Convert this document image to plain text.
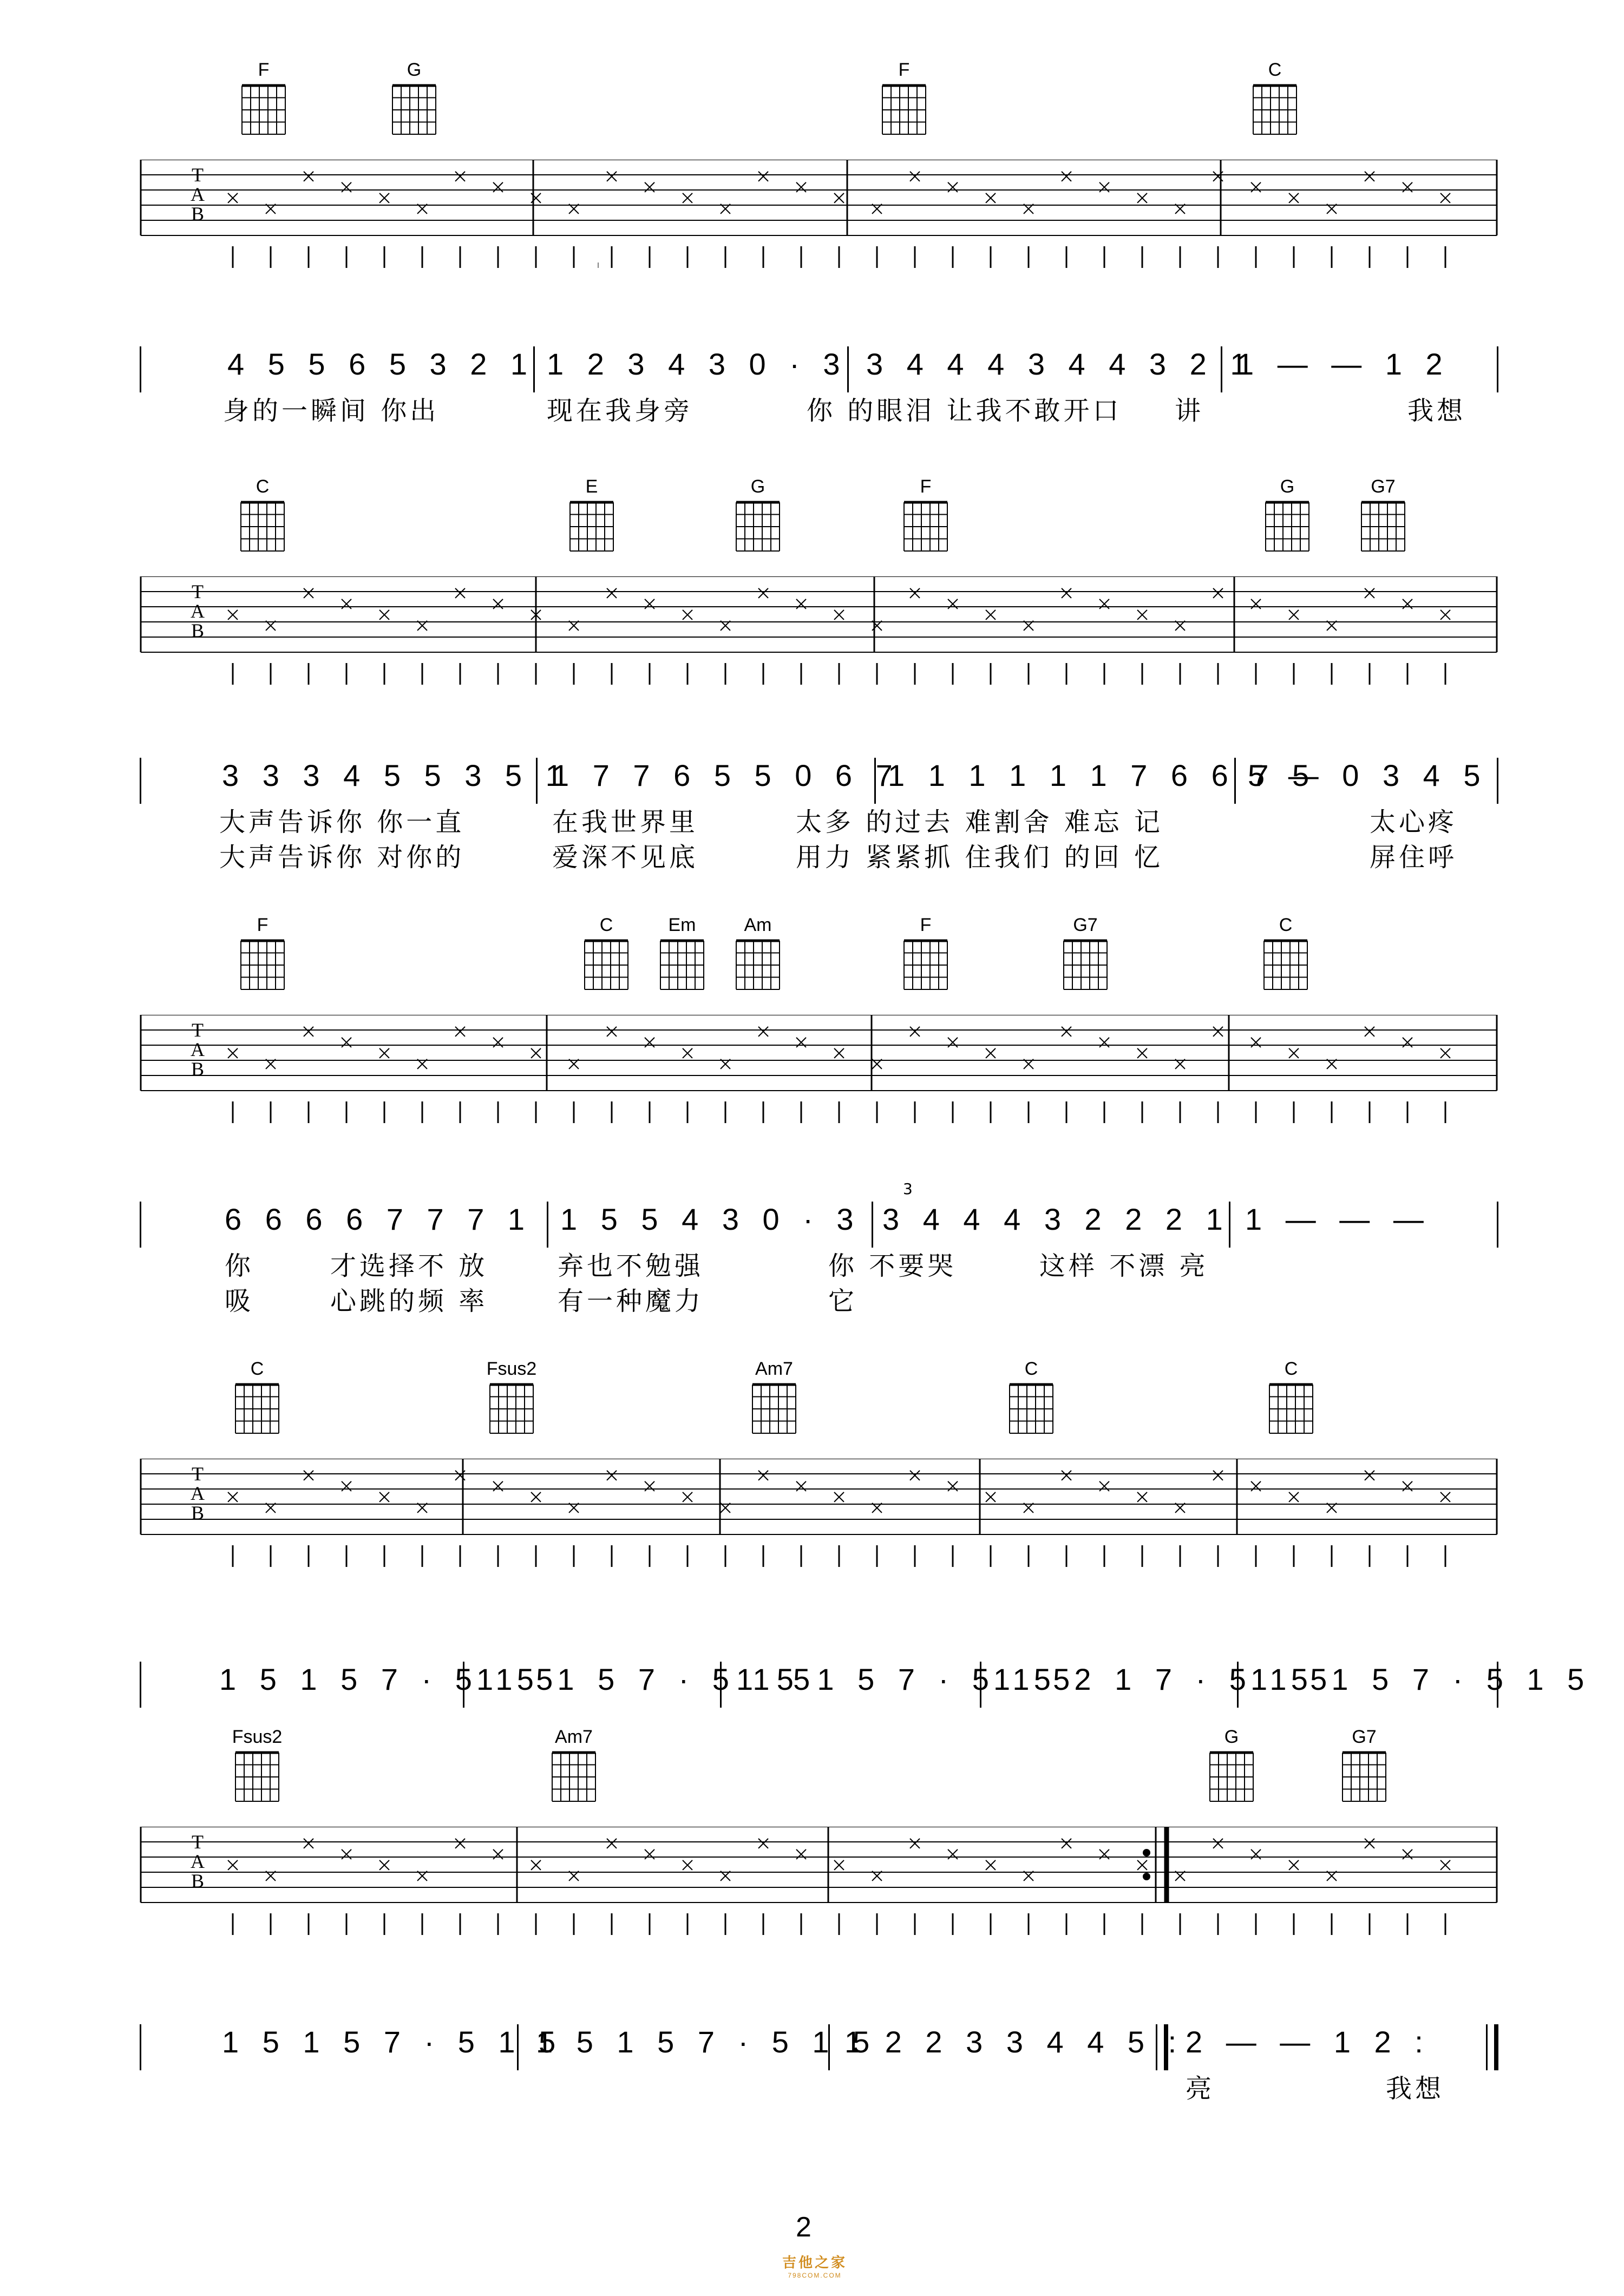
F	G	F	C
T
A
B
4 5 5 6 5 3 2 1 1 2 3 4 3 0 · 3 3 4 4 4 3 4 4 3 2 1
1 — — 1 2
身的一瞬间 你出	现在我身旁	你 的眼泪 让我不敢开口 讲	我想
C	E	G	F	G	G7
T
A
B
3 3 3 4 5 5 3 5 1
1 7 7 6 5 5 0 6 7
1 1 1 1 1 1 7 6 6 7 5
5 — 0 3 4 5
大声告诉你 你一直	在我世界里	太多 的过去 难割舍 难忘 记	太心疼
大声告诉你 对你的	爱深不见底	用力 紧紧抓 住我们 的回 忆	屏住呼
F	C	Em	Am	F	G7	C
T
A
B
6 6 6 6 7 7 7 1 1 5 5 4 3 0 · 3 3 4 4 4 3 2 2 2 1 1 — — —
3
你	才选择不 放	弃也不勉强	你 不要哭	这样 不漂 亮
吸	心跳的频 率	有一种魔力	它
C	Fsus2	Am7	C	C
T
A
B
1 5 1 5 7 · 5 1 5
1 5 1 5 7 · 5 1 5
1 5 1 5 7 · 5 1 5
1 5 2 1 7 · 5 1 5
1 5 1 5 7 · 5 1 5
Fsus2	Am7	G	G7
T
A
B
1 5 1 5 7 · 5 1 5
1 5 1 5 7 · 5 1 5
1 2 2 3 3 4 4 5 : 2 — — 1 2 :
亮	我想
2
吉他之家
798COM.COM
